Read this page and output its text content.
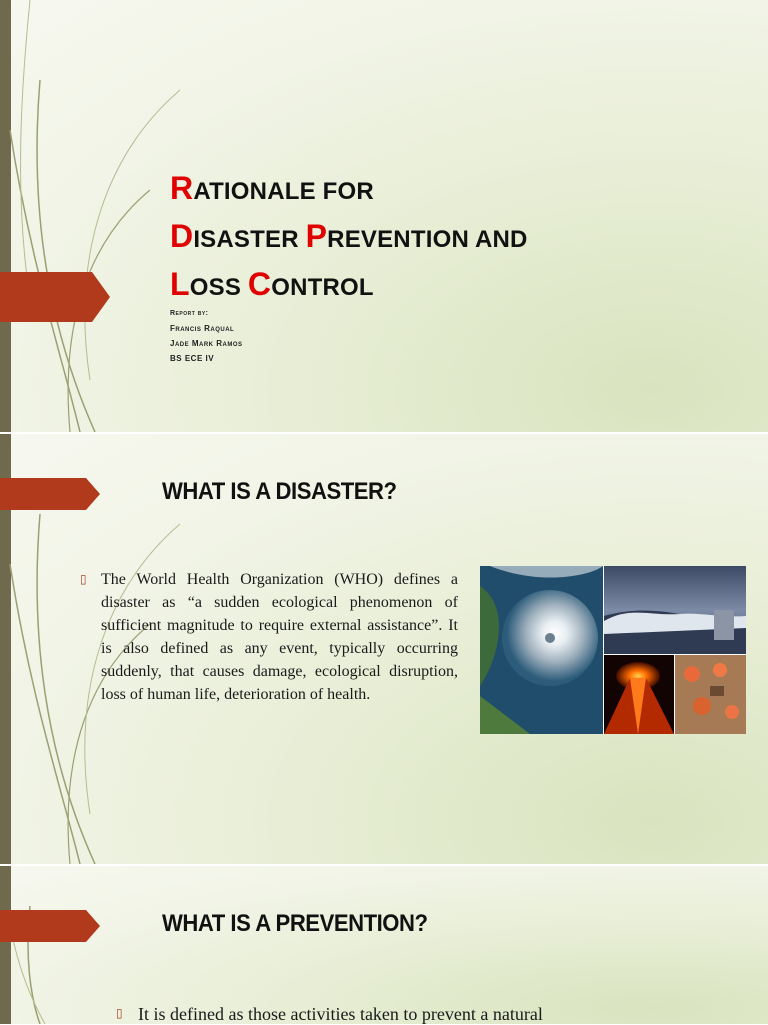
RATIONALE FOR
DISASTER PREVENTION AND
LOSS CONTROL
Report by:
Francis Raqual
Jade Mark Ramos
BS ECE IV
WHAT IS A DISASTER?
▯ The World Health Organization (WHO) defines a disaster as “a sudden ecological phenomenon of sufficient magnitude to require external assistance”. It is also defined as any event, typically occurring suddenly, that causes damage, ecological disruption, loss of human life, deterioration of health.
WHAT IS A PREVENTION?
▯ It is defined as those activities taken to prevent a natural
